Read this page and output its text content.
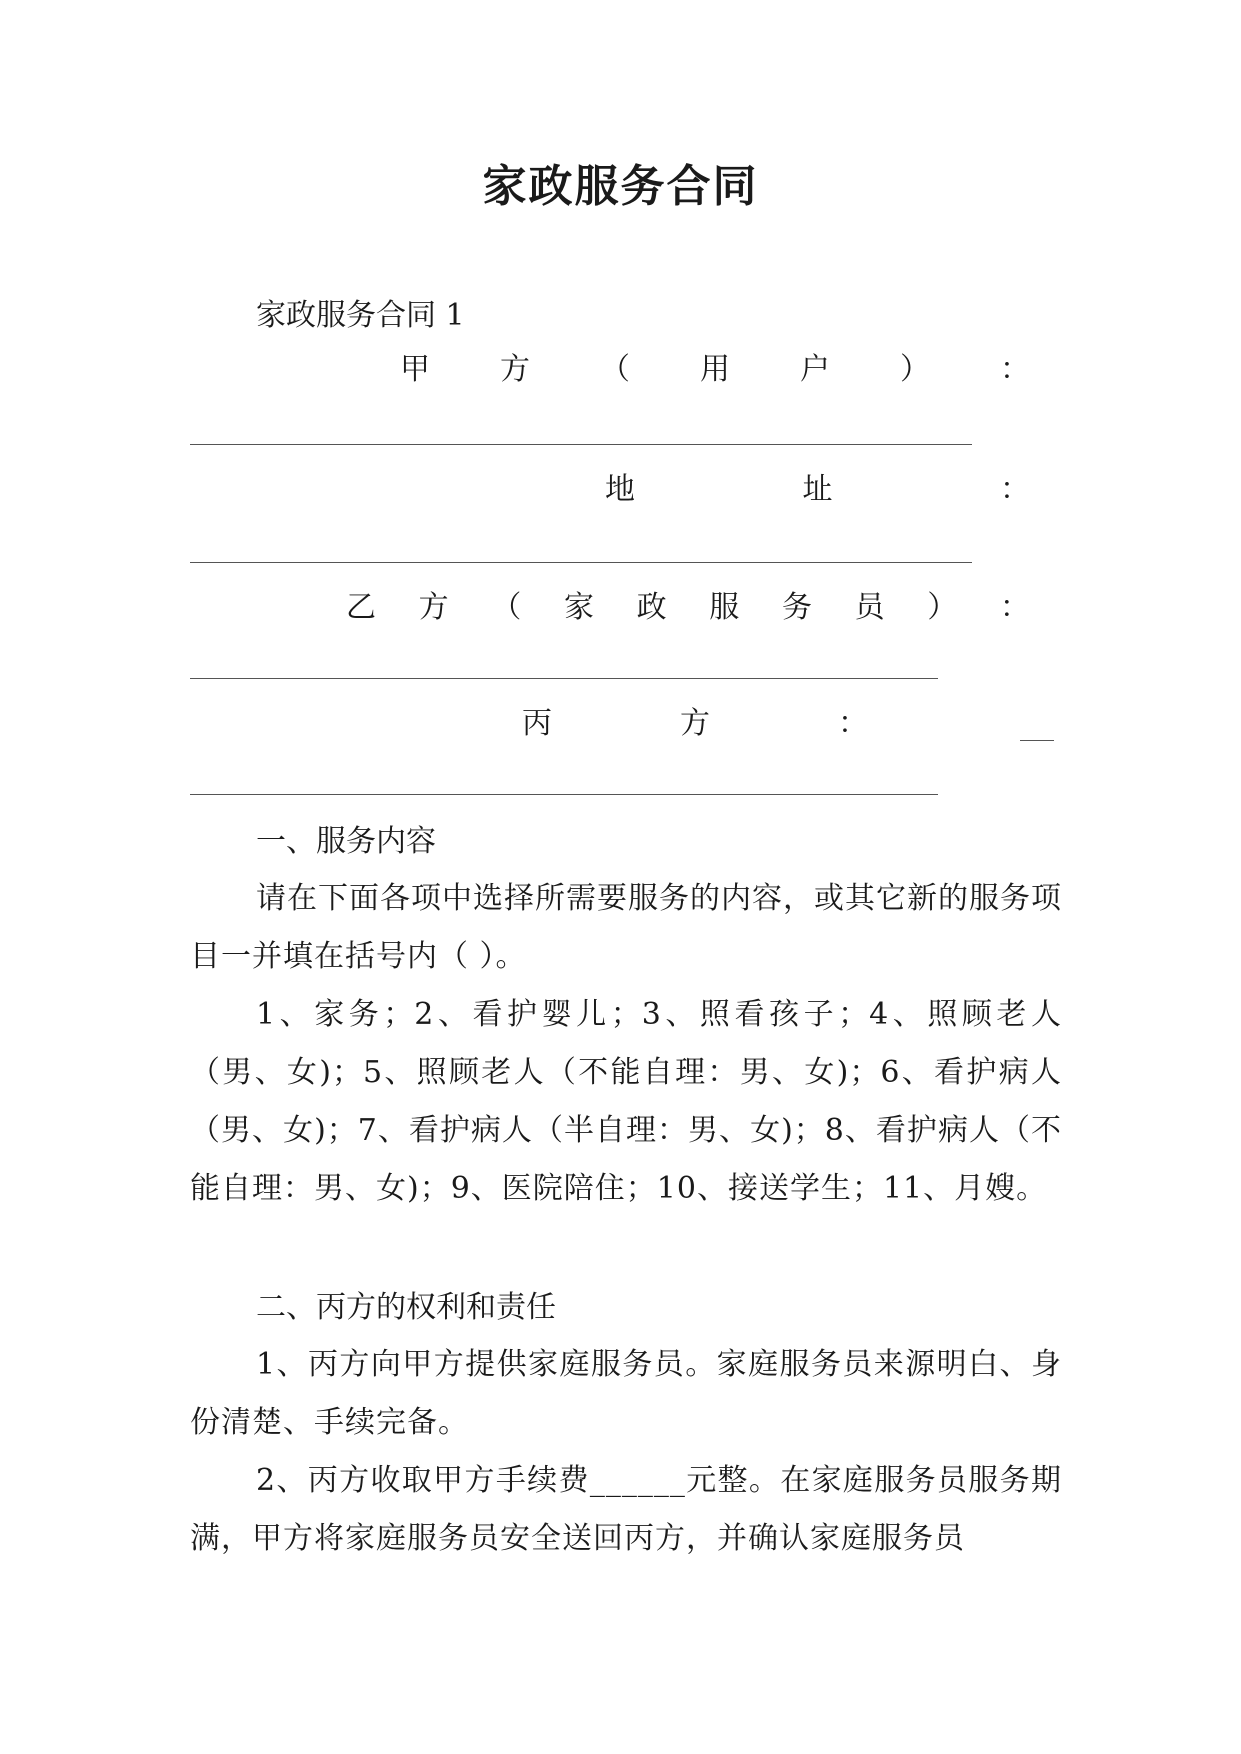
家政服务合同
家政服务合同 1
甲 方 （ 用 户 ） ：
地	址	：
乙 方 （ 家 政 服 务 员 ） ：
丙	方	：
一、服务内容

请在下面各项中选择所需要服务的内容，或其它新的服务项目一并填在括号内（ ）。

1、家务；2、看护婴儿；3、照看孩子；4、照顾老人（男、女)；5、照顾老人（不能自理：男、女)；6、看护病人（男、女)；7、看护病人（半自理：男、女)；8、看护病人（不能自理：男、女)；9、医院陪住；10、接送学生；11、月嫂。

二、丙方的权利和责任

1、丙方向甲方提供家庭服务员。家庭服务员来源明白、身份清楚、手续完备。

2、丙方收取甲方手续费______元整。在家庭服务员服务期满，甲方将家庭服务员安全送回丙方，并确认家庭服务员
